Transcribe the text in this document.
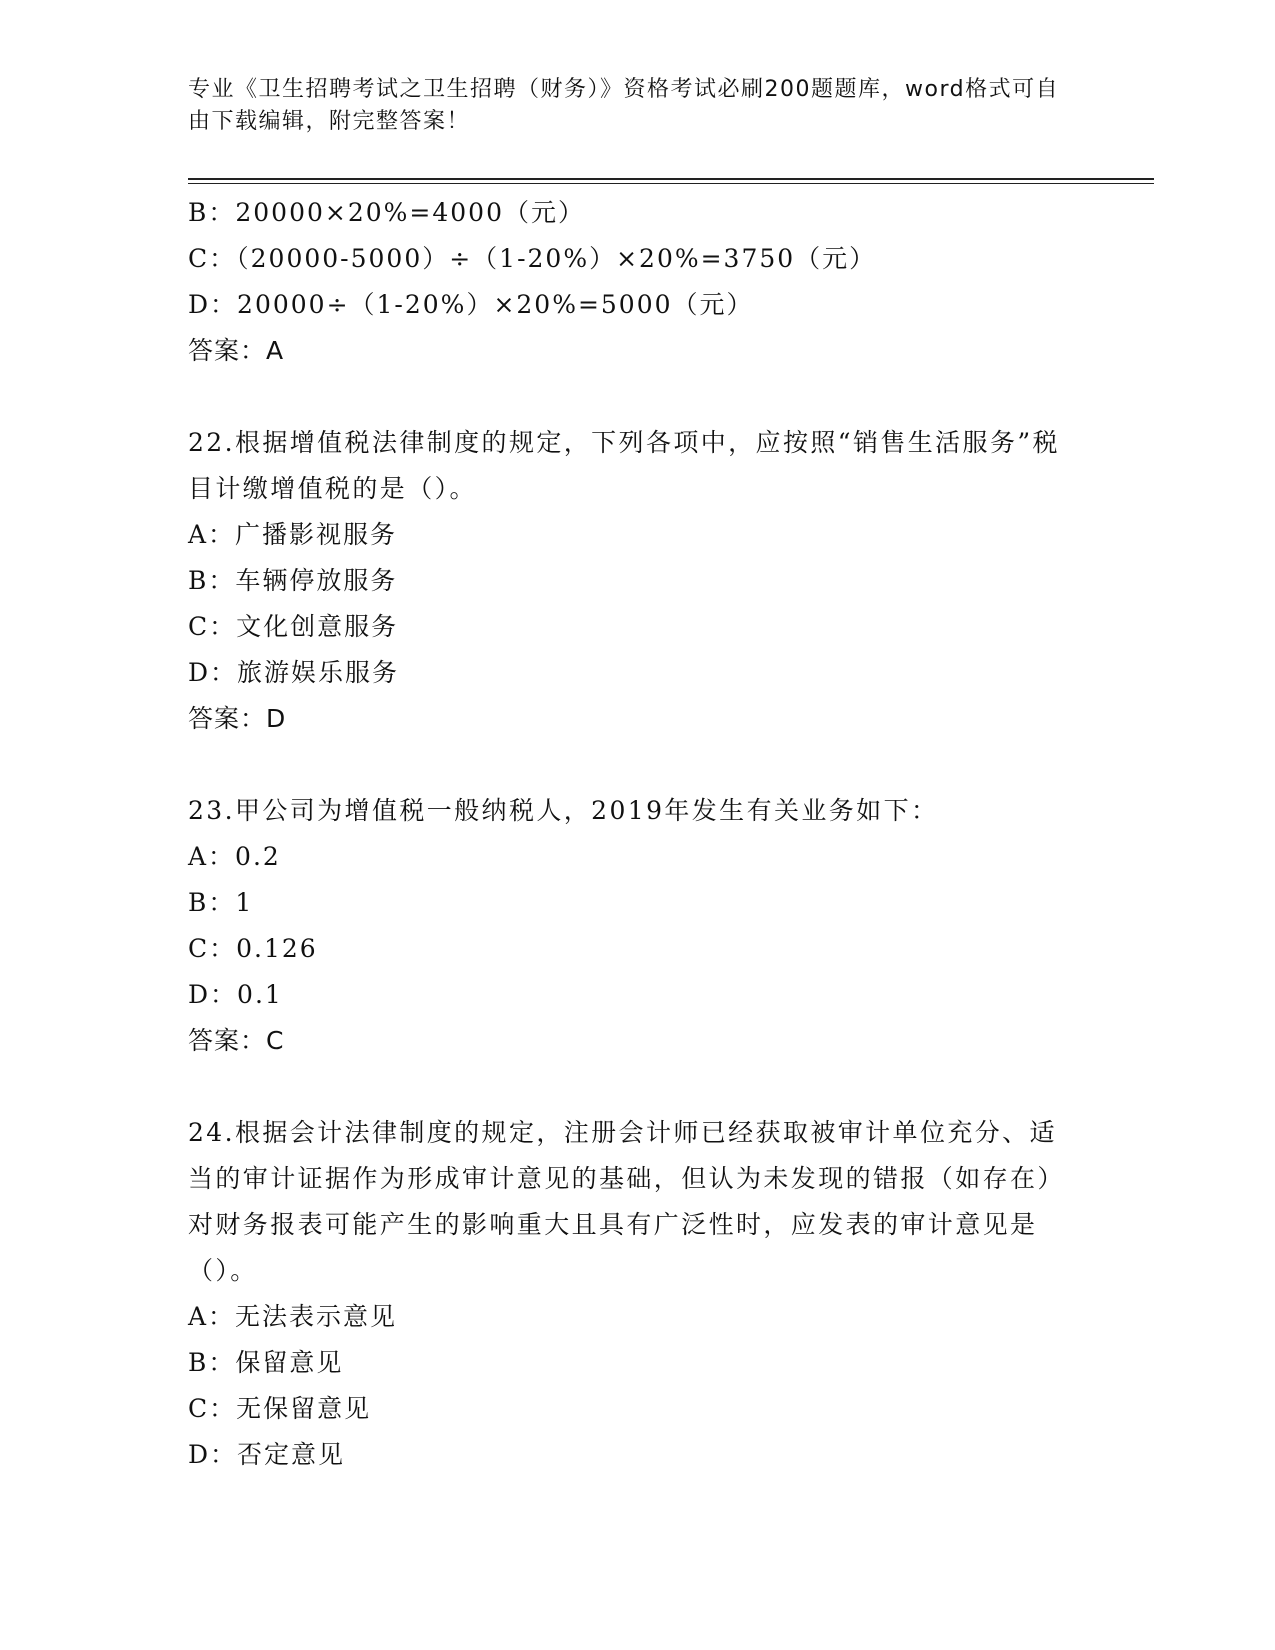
专业《卫生招聘考试之卫生招聘（财务）》资格考试必刷200题题库，word格式可自由下载编辑，附完整答案！
B：20000×20%=4000（元）
C：（20000-5000）÷（1-20%）×20%=3750（元）
D：20000÷（1-20%）×20%=5000（元）
答案：A
22.根据增值税法律制度的规定，下列各项中，应按照“销售生活服务”税目计缴增值税的是（）。
A：广播影视服务
B：车辆停放服务
C：文化创意服务
D：旅游娱乐服务
答案：D
23.甲公司为增值税一般纳税人，2019年发生有关业务如下：
A：0.2
B：1
C：0.126
D：0.1
答案：C
24.根据会计法律制度的规定，注册会计师已经获取被审计单位充分、适当的审计证据作为形成审计意见的基础，但认为未发现的错报（如存在）对财务报表可能产生的影响重大且具有广泛性时，应发表的审计意见是（）。
A：无法表示意见
B：保留意见
C：无保留意见
D：否定意见
